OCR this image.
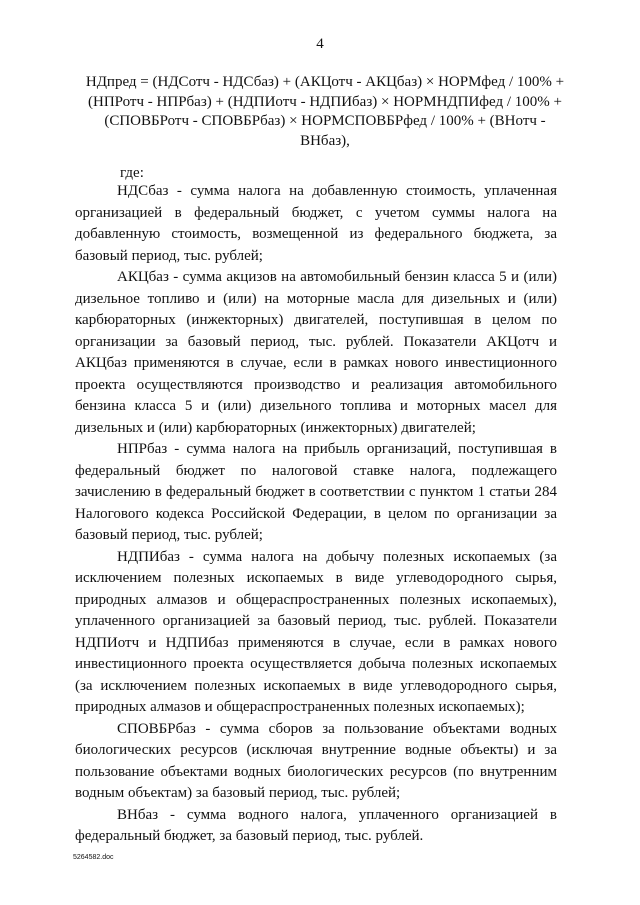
4
НДпред = (НДСотч - НДСбаз) + (АКЦотч - АКЦбаз) × НОРМфед / 100% + (НПРотч - НПРбаз) + (НДПИотч - НДПИбаз) × НОРМНДПИфед / 100% + (СПОВБРотч - СПОВБРбаз) × НОРМСПОВБРфед / 100% + (ВНотч - ВНбаз),
где:

НДСбаз - сумма налога на добавленную стоимость, уплаченная организацией в федеральный бюджет, с учетом суммы налога на добавленную стоимость, возмещенной из федерального бюджета, за базовый период, тыс. рублей;

АКЦбаз - сумма акцизов на автомобильный бензин класса 5 и (или) дизельное топливо и (или) на моторные масла для дизельных и (или) карбюраторных (инжекторных) двигателей, поступившая в целом по организации за базовый период, тыс. рублей. Показатели АКЦотч и АКЦбаз применяются в случае, если в рамках нового инвестиционного проекта осуществляются производство и реализация автомобильного бензина класса 5 и (или) дизельного топлива и моторных масел для дизельных и (или) карбюраторных (инжекторных) двигателей;

НПРбаз - сумма налога на прибыль организаций, поступившая в федеральный бюджет по налоговой ставке налога, подлежащего зачислению в федеральный бюджет в соответствии с пунктом 1 статьи 284 Налогового кодекса Российской Федерации, в целом по организации за базовый период, тыс. рублей;

НДПИбаз - сумма налога на добычу полезных ископаемых (за исключением полезных ископаемых в виде углеводородного сырья, природных алмазов и общераспространенных полезных ископаемых), уплаченного организацией за базовый период, тыс. рублей. Показатели НДПИотч и НДПИбаз применяются в случае, если в рамках нового инвестиционного проекта осуществляется добыча полезных ископаемых (за исключением полезных ископаемых в виде углеводородного сырья, природных алмазов и общераспространенных полезных ископаемых);

СПОВБРбаз - сумма сборов за пользование объектами водных биологических ресурсов (исключая внутренние водные объекты) и за пользование объектами водных биологических ресурсов (по внутренним водным объектам) за базовый период, тыс. рублей;

ВНбаз - сумма водного налога, уплаченного организацией в федеральный бюджет, за базовый период, тыс. рублей.

5264582.doc
